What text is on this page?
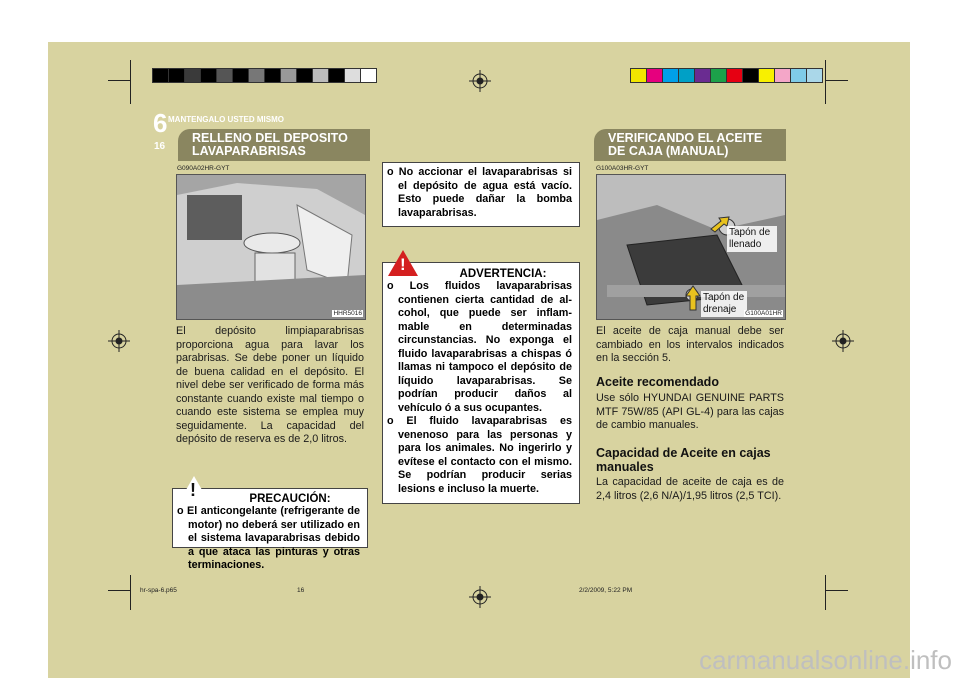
6 MANTENGALO USTED MISMO
16
RELLENO DEL DEPOSITO LAVAPARABRISAS
G090A02HR-GYT
HHR5016
El depósito limpiaparabrisas proporciona agua para lavar los parabrisas. Se debe poner un líquido de buena calidad en el depósito. El nivel debe ser verificado de forma más constante cuando existe mal tiempo o cuando este sistema se emplea muy seguidamente. La capacidad del depósito de reserva es de 2,0 litros.
!	PRECAUCIÓN:
o El anticongelante (refrigerante de motor) no deberá ser utilizado en el sistema lavaparabrisas debido a que ataca las pinturas y otras terminaciones.
o No accionar el lavaparabrisas si el depósito de agua está vacío. Esto puede dañar la bomba lavaparabrisas.
!	ADVERTENCIA:
o Los fluidos lavaparabrisas contienen cierta cantidad de al-cohol, que puede ser inflam-mable en determinadas circunstancias. No exponga el fluido lavaparabrisas a chispas ó llamas ni tampoco el depósito de líquido lavaparabrisas. Se podrían producir daños al vehículo ó a sus ocupantes.
o El fluido lavaparabrisas es venenoso para las personas y para los animales. No ingerirlo y evítese el contacto con el mismo. Se podrían producir serias lesions e incluso la muerte.
VERIFICANDO EL ACEITE DE CAJA (MANUAL)
G100A03HR-GYT
Tapón de llenado
Tapón de drenaje	G100A01HR
El aceite de caja manual debe ser cambiado en los intervalos indicados en la sección 5.
Aceite recomendado
Use sólo HYUNDAI GENUINE PARTS MTF 75W/85 (API GL-4) para las cajas de cambio manuales.
Capacidad de Aceite en cajas manuales
La capacidad de aceite de caja es de 2,4 litros (2,6 N/A)/1,95 litros (2,5 TCI).
hr-spa-6.p65	16	2/2/2009, 5:22 PM
carmanualsonline.info
